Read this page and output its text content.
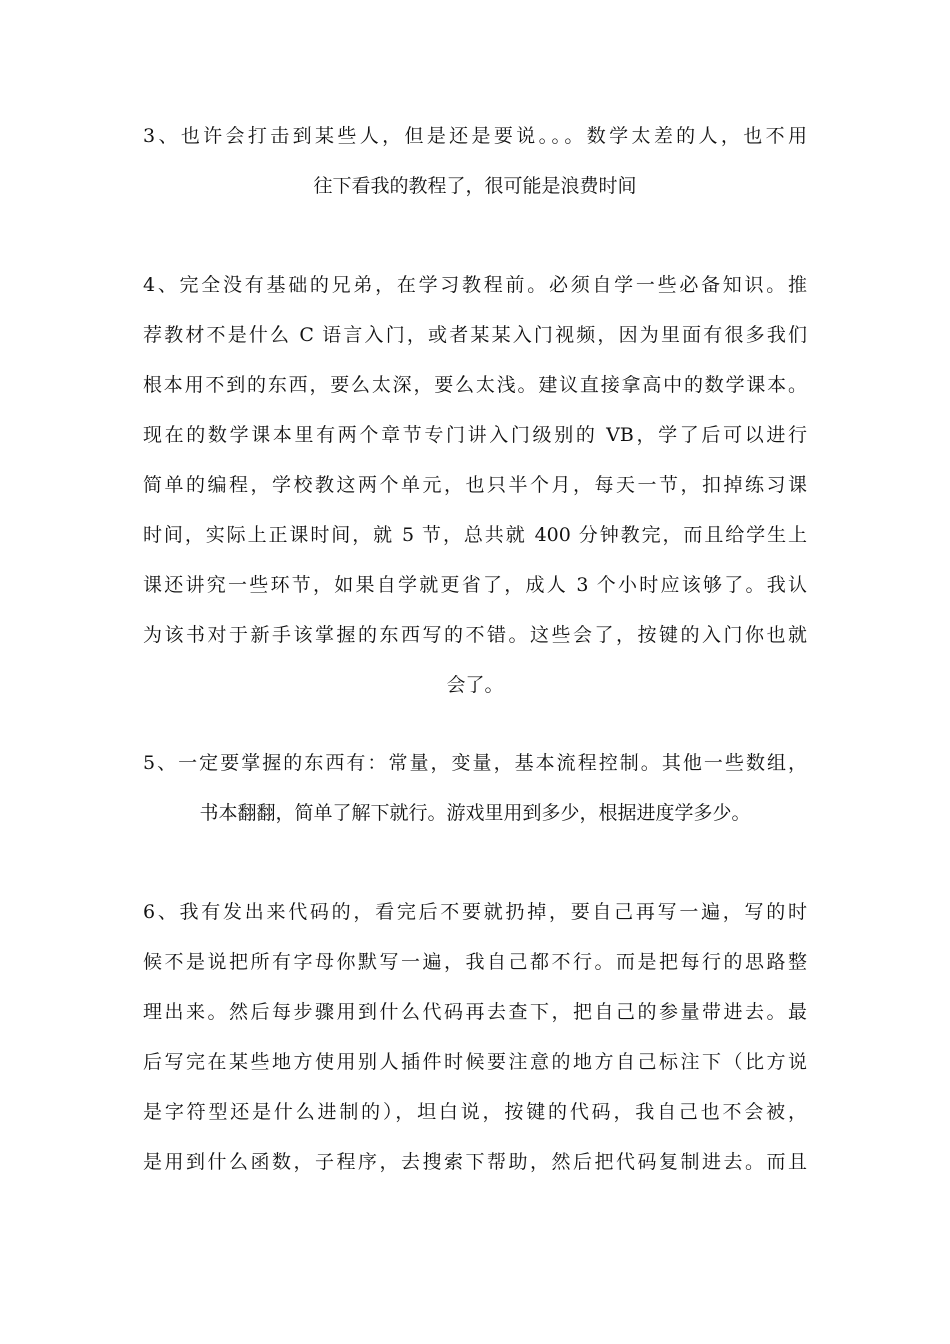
3、也许会打击到某些人，但是还是要说。。。数学太差的人，也不用
往下看我的教程了，很可能是浪费时间
4、完全没有基础的兄弟，在学习教程前。必须自学一些必备知识。推
荐教材不是什么 C 语言入门，或者某某入门视频，因为里面有很多我们
根本用不到的东西，要么太深，要么太浅。建议直接拿高中的数学课本。
现在的数学课本里有两个章节专门讲入门级别的 VB，学了后可以进行
简单的编程，学校教这两个单元，也只半个月，每天一节，扣掉练习课
时间，实际上正课时间，就 5 节，总共就 400 分钟教完，而且给学生上
课还讲究一些环节，如果自学就更省了，成人 3 个小时应该够了。我认
为该书对于新手该掌握的东西写的不错。这些会了，按键的入门你也就
会了。
5、一定要掌握的东西有：常量，变量，基本流程控制。其他一些数组，
书本翻翻，简单了解下就行。游戏里用到多少，根据进度学多少。
6、我有发出来代码的，看完后不要就扔掉，要自己再写一遍，写的时
候不是说把所有字母你默写一遍，我自己都不行。而是把每行的思路整
理出来。然后每步骤用到什么代码再去查下，把自己的参量带进去。最
后写完在某些地方使用别人插件时候要注意的地方自己标注下（比方说
是字符型还是什么进制的），坦白说，按键的代码，我自己也不会被，
是用到什么函数，子程序，去搜索下帮助，然后把代码复制进去。而且
